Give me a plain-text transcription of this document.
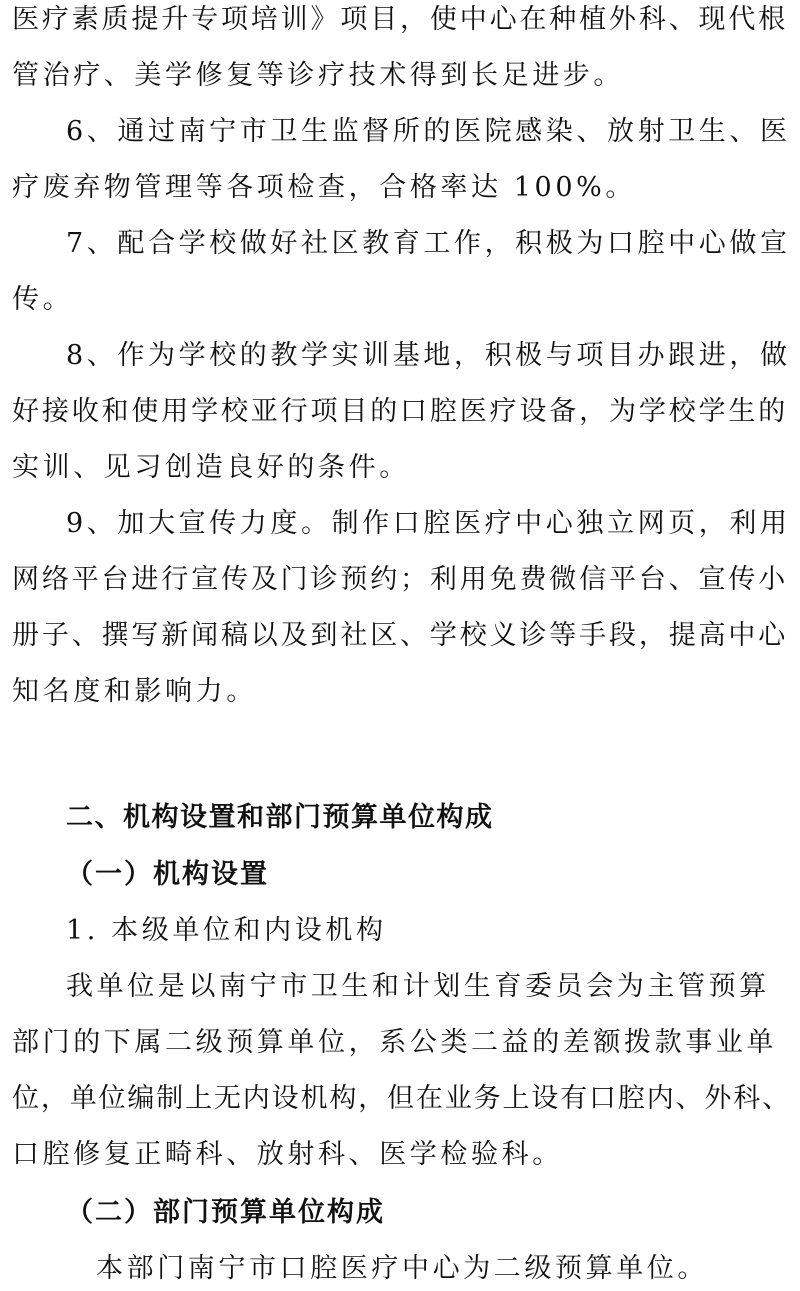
医疗素质提升专项培训》项目，使中心在种植外科、现代根
管治疗、美学修复等诊疗技术得到长足进步。
6、通过南宁市卫生监督所的医院感染、放射卫生、医
疗废弃物管理等各项检查，合格率达 100%。
7、配合学校做好社区教育工作，积极为口腔中心做宣
传。
8、作为学校的教学实训基地，积极与项目办跟进，做
好接收和使用学校亚行项目的口腔医疗设备，为学校学生的
实训、见习创造良好的条件。
9、加大宣传力度。制作口腔医疗中心独立网页，利用
网络平台进行宣传及门诊预约；利用免费微信平台、宣传小
册子、撰写新闻稿以及到社区、学校义诊等手段，提高中心
知名度和影响力。
二、机构设置和部门预算单位构成
（一）机构设置
1. 本级单位和内设机构
我单位是以南宁市卫生和计划生育委员会为主管预算
部门的下属二级预算单位，系公类二益的差额拨款事业单
位，单位编制上无内设机构，但在业务上设有口腔内、外科、
口腔修复正畸科、放射科、医学检验科。
（二）部门预算单位构成
本部门南宁市口腔医疗中心为二级预算单位。
